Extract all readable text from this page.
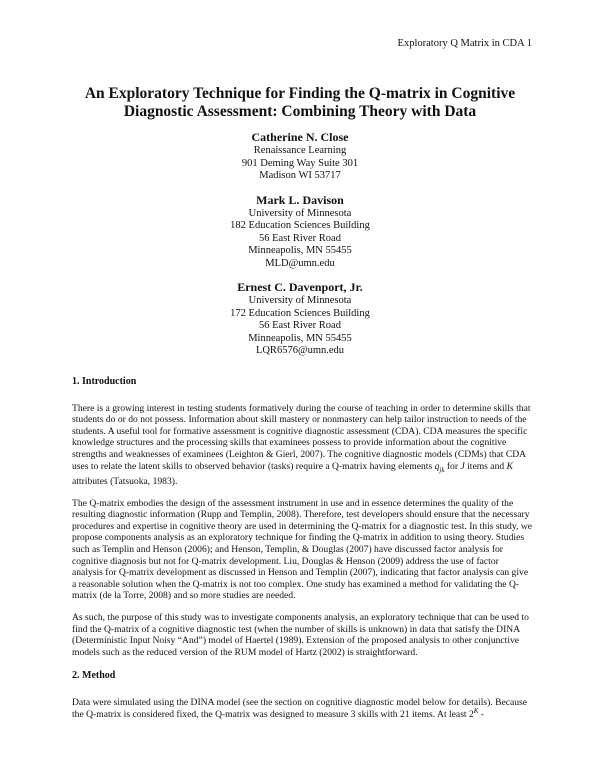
Exploratory Q Matrix in CDA 1
An Exploratory Technique for Finding the Q-matrix in Cognitive
Diagnostic Assessment: Combining Theory with Data
Catherine N. Close
Renaissance Learning
901 Deming Way Suite 301
Madison WI 53717
Mark L. Davison
University of Minnesota
182 Education Sciences Building
56 East River Road
Minneapolis, MN 55455
MLD@umn.edu
Ernest C. Davenport, Jr.
University of Minnesota
172 Education Sciences Building
56 East River Road
Minneapolis, MN 55455
LQR6576@umn.edu
1. Introduction

There is a growing interest in testing students formatively during the course of teaching in order to determine skills that students do or do not possess. Information about skill mastery or nonmastery can help tailor instruction to needs of the students. A useful tool for formative assessment is cognitive diagnostic assessment (CDA). CDA measures the specific knowledge structures and the processing skills that examinees possess to provide information about the cognitive strengths and weaknesses of examinees (Leighton & Gierl, 2007). The cognitive diagnostic models (CDMs) that CDA uses to relate the latent skills to observed behavior (tasks) require a Q-matrix having elements $q_{jk}$ for J items and K attributes (Tatsuoka, 1983).

The Q-matrix embodies the design of the assessment instrument in use and in essence determines the quality of the resulting diagnostic information (Rupp and Templin, 2008). Therefore, test developers should ensure that the necessary procedures and expertise in cognitive theory are used in determining the Q-matrix for a diagnostic test. In this study, we propose components analysis as an exploratory technique for finding the Q-matrix in addition to using theory. Studies such as Templin and Henson (2006); and Henson, Templin, & Douglas (2007) have discussed factor analysis for cognitive diagnosis but not for Q-matrix development. Liu, Douglas & Henson (2009) address the use of factor analysis for Q-matrix development as discussed in Henson and Templin (2007), indicating that factor analysis can give a reasonable solution when the Q-matrix is not too complex. One study has examined a method for validating the Q-matrix (de la Torre, 2008) and so more studies are needed.

As such, the purpose of this study was to investigate components analysis, an exploratory technique that can be used to find the Q-matrix of a cognitive diagnostic test (when the number of skills is unknown) in data that satisfy the DINA (Deterministic Input Noisy “And”) model of Haertel (1989). Extension of the proposed analysis to other conjunctive models such as the reduced version of the RUM model of Hartz (2002) is straightforward.

2. Method

Data were simulated using the DINA model (see the section on cognitive diagnostic model below for details). Because the Q-matrix is considered fixed, the Q-matrix was designed to measure 3 skills with 21 items. At least $2^K$ -
